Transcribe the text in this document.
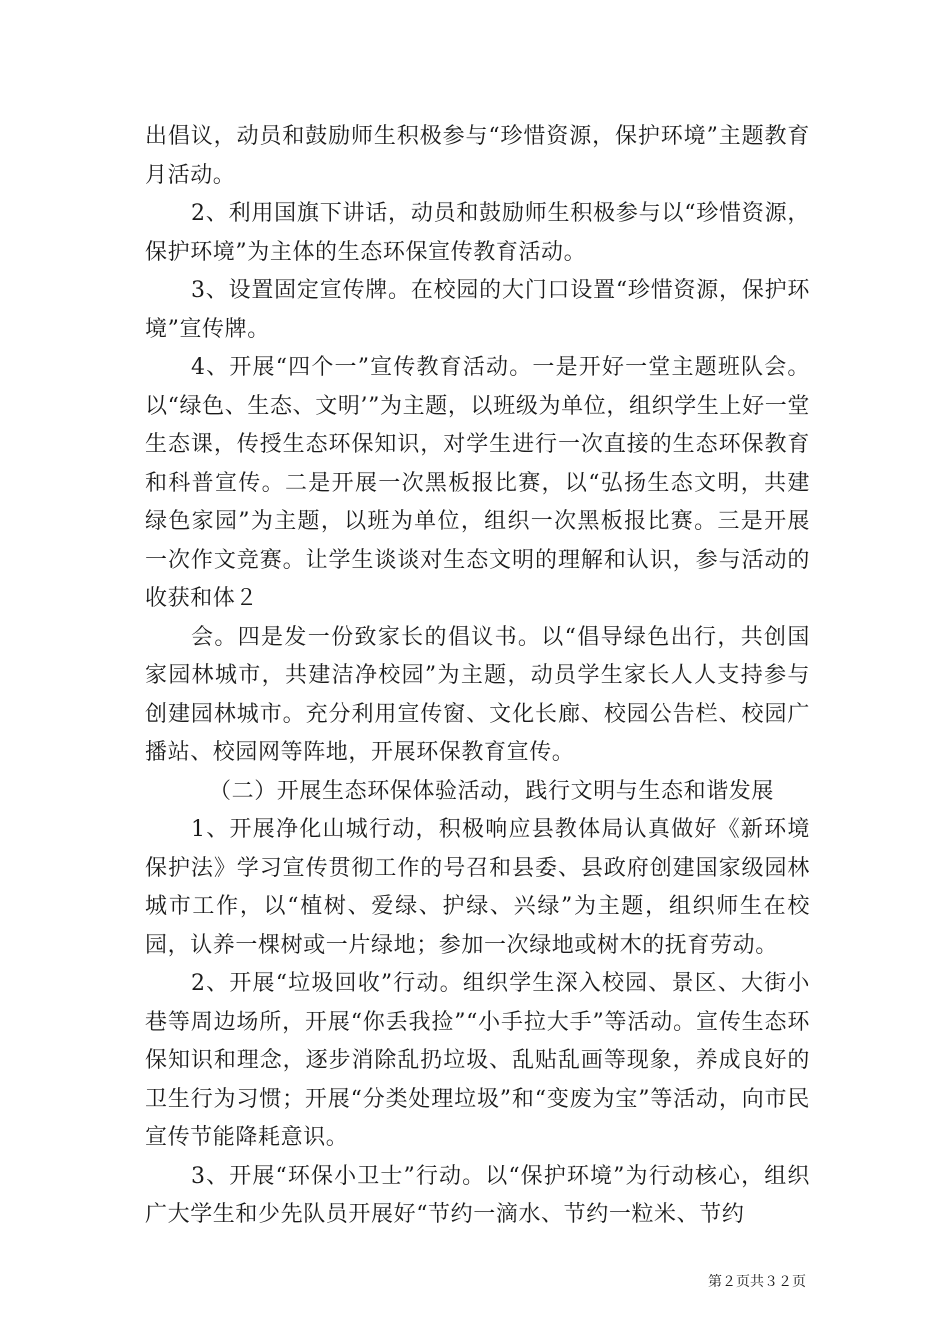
出倡议，动员和鼓励师生积极参与“珍惜资源，保护环境”主题教育月活动。

2、利用国旗下讲话，动员和鼓励师生积极参与以“珍惜资源，保护环境”为主体的生态环保宣传教育活动。

3、设置固定宣传牌。在校园的大门口设置“珍惜资源，保护环境”宣传牌。

4、开展“四个一”宣传教育活动。一是开好一堂主题班队会。以“绿色、生态、文明’”为主题，以班级为单位，组织学生上好一堂生态课，传授生态环保知识，对学生进行一次直接的生态环保教育和科普宣传。二是开展一次黑板报比赛，以“弘扬生态文明，共建绿色家园”为主题，以班为单位，组织一次黑板报比赛。三是开展一次作文竞赛。让学生谈谈对生态文明的理解和认识，参与活动的收获和体２

会。四是发一份致家长的倡议书。以“倡导绿色出行，共创国家园林城市，共建洁净校园”为主题，动员学生家长人人支持参与创建园林城市。充分利用宣传窗、文化长廊、校园公告栏、校园广播站、校园网等阵地，开展环保教育宣传。

（二）开展生态环保体验活动，践行文明与生态和谐发展

1、开展净化山城行动，积极响应县教体局认真做好《新环境保护法》学习宣传贯彻工作的号召和县委、县政府创建国家级园林城市工作，以“植树、爱绿、护绿、兴绿”为主题，组织师生在校园，认养一棵树或一片绿地；参加一次绿地或树木的抚育劳动。

2、开展“垃圾回收”行动。组织学生深入校园、景区、大街小巷等周边场所，开展“你丢我捡”“小手拉大手”等活动。宣传生态环保知识和理念，逐步消除乱扔垃圾、乱贴乱画等现象，养成良好的卫生行为习惯；开展“分类处理垃圾”和“变废为宝”等活动，向市民宣传节能降耗意识。

3、开展“环保小卫士”行动。以“保护环境”为行动核心，组织广大学生和少先队员开展好“节约一滴水、节约一粒米、节约

第２页共３２页
